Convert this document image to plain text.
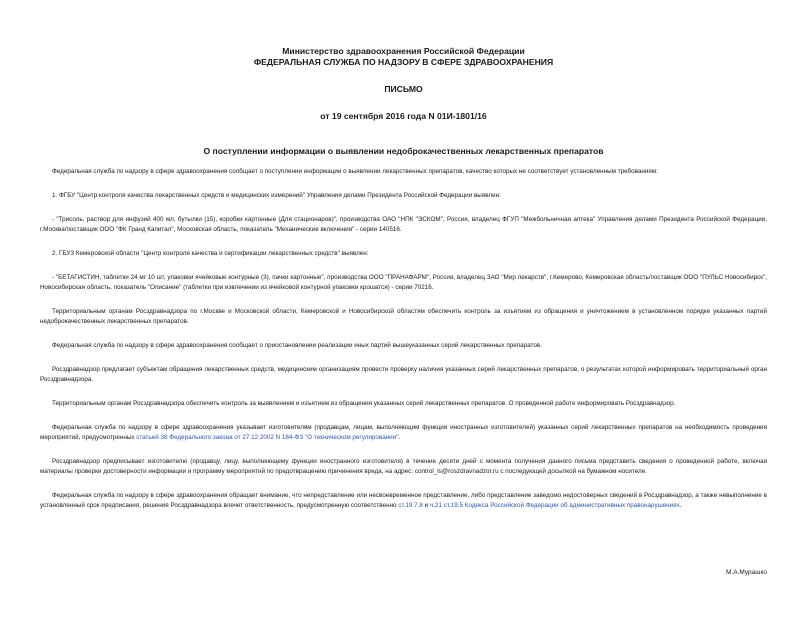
Министерство здравоохранения Российской Федерации
ФЕДЕРАЛЬНАЯ СЛУЖБА ПО НАДЗОРУ В СФЕРЕ ЗДРАВООХРАНЕНИЯ
ПИСЬМО
от 19 сентября 2016 года N 01И-1801/16
О поступлении информации о выявлении недоброкачественных лекарственных препаратов

Федеральная служба по надзору в сфере здравоохранения сообщает о поступлении информации о выявлении лекарственных препаратов, качество которых не соответствует установленным требованиям:

1. ФГБУ "Центр контроля качества лекарственных средств и медицинских измерений" Управления делами Президента Российской Федерации выявлен:

- "Трисоль, раствор для инфузий 400 мл, бутылки (15), коробки картонные (Для стационаров)", производства ОАО "НПК "ЭСКОМ", Россия, владелец ФГУП "Межбольничная аптека" Управления делами Президента Российской Федерации, г.Москва/поставщик ООО "ФК Гранд Капитал", Московская область, показатель "Механические включения" - серии 140516.

2. ГБУЗ Кемеровской области "Центр контроля качества и сертификации лекарственных средств" выявлен:

- "БЕТАГИСТИН, таблетки 24 мг 10 шт, упаковки ячейковые контурные (3), пачки картонные", производства ООО "ПРАНАФАРМ", Россия, владелец ЗАО "Мир лекарств", г.Кемерово, Кемеровская область/поставщик ООО "ПУЛЬС Новосибирск", Новосибирская область, показатель "Описание" (таблетки при извлечении из ячейковой контурной упаковки крошатся) - серии 70216.

Территориальным органам Росздравнадзора по г.Москве и Московской области, Кемеровской и Новосибирской областям обеспечить контроль за изъятием из обращения и уничтожением в установленном порядке указанных партий недоброкачественных лекарственных препаратов.

Федеральная служба по надзору в сфере здравоохранения сообщает о приостановлении реализации иных партий вышеуказанных серий лекарственных препаратов.

Росздравнадзор предлагает субъектам обращения лекарственных средств, медицинским организациям провести проверку наличия указанных серий лекарственных препаратов, о результатах которой информировать территориальный орган Росздравнадзора.

Территориальным органам Росздравнадзора обеспечить контроль за выявлением и изъятием из обращения указанных серий лекарственных препаратов. О проведенной работе информировать Росздравнадзор.

Федеральная служба по надзору в сфере здравоохранения указывает изготовителям (продавцам, лицам, выполняющим функции иностранных изготовителей) указанных серий лекарственных препаратов на необходимость проведения мероприятий, предусмотренных статьей 38 Федерального закона от 27.12.2002 N 184-ФЗ "О техническом регулировании".

Росздравнадзор предписывает изготовителю (продавцу, лицу, выполняющему функции иностранного изготовителя) в течение десяти дней с момента получения данного письма представить сведения о проведенной работе, включая материалы проверки достоверности информации и программу мероприятий по предотвращению причинения вреда, на адрес: control_ls@roszdravnadzor.ru с последующей досылкой на бумажном носителе.

Федеральная служба по надзору в сфере здравоохранения обращает внимание, что непредставление или несвоевременное представление, либо представление заведомо недостоверных сведений в Росздравнадзор, а также невыполнение в установленный срок предписания, решения Росздравнадзора влечет ответственность, предусмотренную соответственно ст.19.7.8 и ч.21 ст.19.5 Кодекса Российской Федерации об административных правонарушениях.

М.А.Мурашко
